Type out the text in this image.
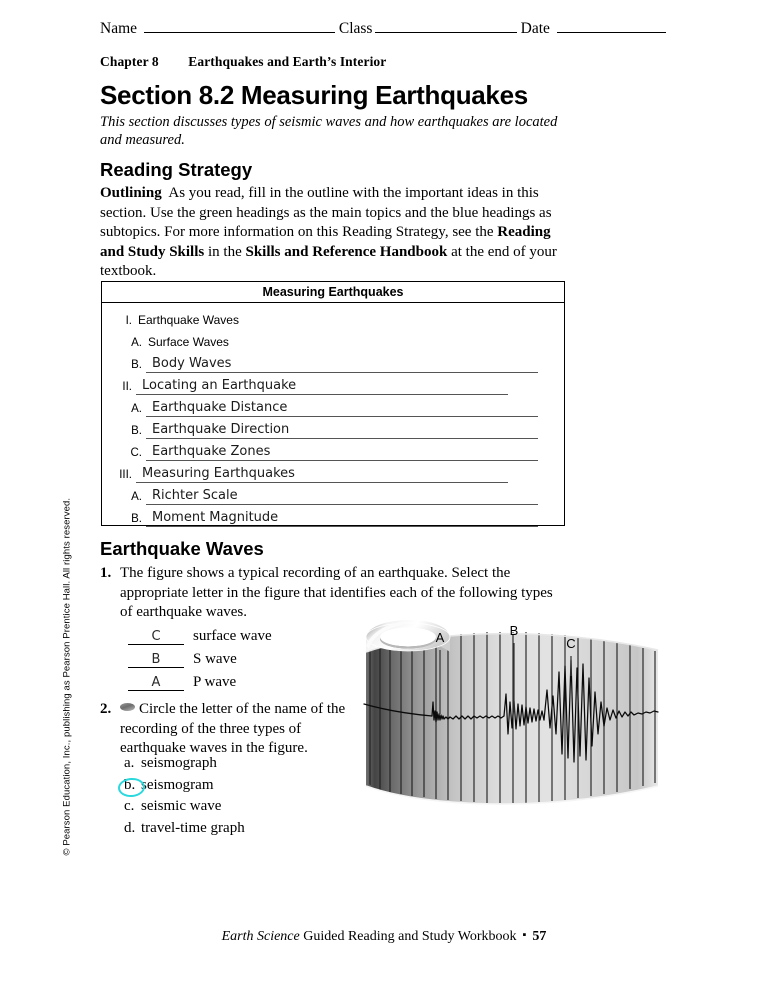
Name	Class	Date
Chapter 8 Earthquakes and Earth’s Interior
Section 8.2 Measuring Earthquakes
This section discusses types of seismic waves and how earthquakes are located and measured.
Reading Strategy
Outlining As you read, fill in the outline with the important ideas in this section. Use the green headings as the main topics and the blue headings as subtopics. For more information on this Reading Strategy, see the Reading and Study Skills in the Skills and Reference Handbook at the end of your textbook.
Measuring Earthquakes
I. Earthquake Waves
A. Surface Waves
B. Body Waves
II. Locating an Earthquake
A. Earthquake Distance
B. Earthquake Direction
C. Earthquake Zones
III. Measuring Earthquakes
A. Richter Scale
B. Moment Magnitude
Earthquake Waves
1. The figure shows a typical recording of an earthquake. Select the appropriate letter in the figure that identifies each of the following types of earthquake waves.
C	surface wave
B	S wave
A	P wave
2.	Circle the letter of the name of the recording of the three types of earthquake waves in the figure.
a. seismograph
b. seismogram
c. seismic wave
d. travel-time graph
A	B
C
© Pearson Education, Inc., publishing as Pearson Prentice Hall. All rights reserved.
Earth Science Guided Reading and Study Workbook ▪ 57
